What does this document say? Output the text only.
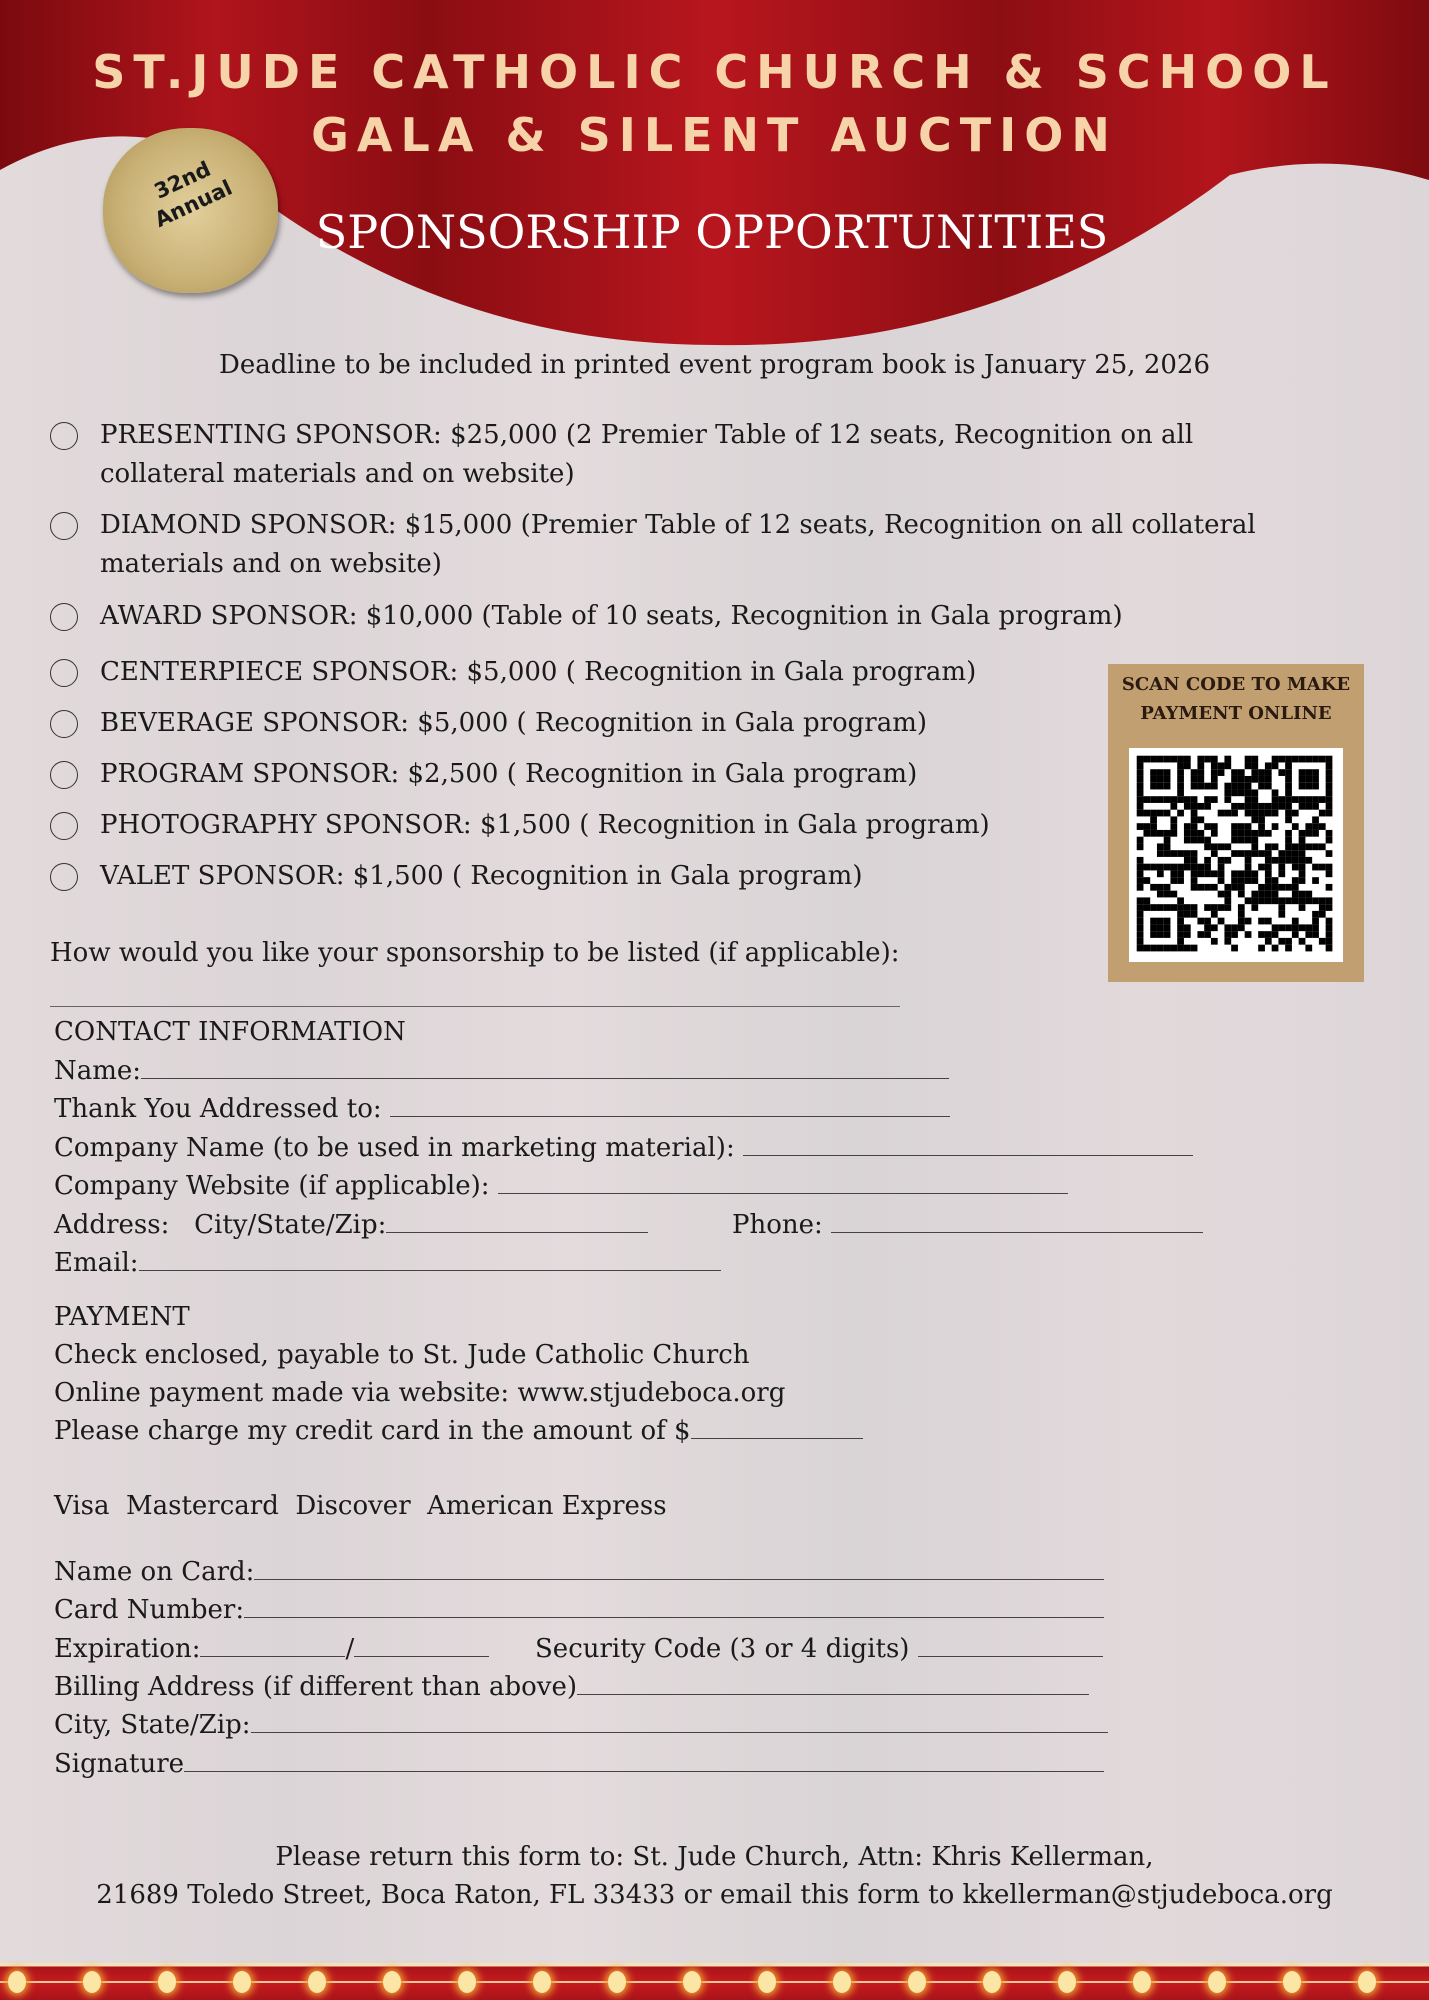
ST.JUDE CATHOLIC CHURCH & SCHOOL
GALA & SILENT AUCTION
SPONSORSHIP OPPORTUNITIES
32nd Annual
Deadline to be included in printed event program book is January 25, 2026
PRESENTING SPONSOR: $25,000 (2 Premier Table of 12 seats, Recognition on all
collateral materials and on website)
DIAMOND SPONSOR: $15,000 (Premier Table of 12 seats, Recognition on all collateral
materials and on website)
AWARD SPONSOR: $10,000 (Table of 10 seats, Recognition in Gala program)
CENTERPIECE SPONSOR: $5,000 ( Recognition in Gala program)
BEVERAGE SPONSOR: $5,000 ( Recognition in Gala program)
PROGRAM SPONSOR: $2,500 ( Recognition in Gala program)
PHOTOGRAPHY SPONSOR: $1,500 ( Recognition in Gala program)
VALET SPONSOR: $1,500 ( Recognition in Gala program)
SCAN CODE TO MAKE PAYMENT ONLINE
How would you like your sponsorship to be listed (if applicable):
CONTACT INFORMATION
Name:
Thank You Addressed to:
Company Name (to be used in marketing material):
Company Website (if applicable):
Address:   City/State/Zip:	Phone:
Email:
PAYMENT
Check enclosed, payable to St. Jude Catholic Church
Online payment made via website: www.stjudeboca.org
Please charge my credit card in the amount of $
Visa  Mastercard  Discover  American Express
Name on Card:
Card Number:
Expiration:	/	Security Code (3 or 4 digits)
Billing Address (if different than above)
City, State/Zip:
Signature
Please return this form to: St. Jude Church, Attn: Khris Kellerman,
21689 Toledo Street, Boca Raton, FL 33433 or email this form to kkellerman@stjudeboca.org
